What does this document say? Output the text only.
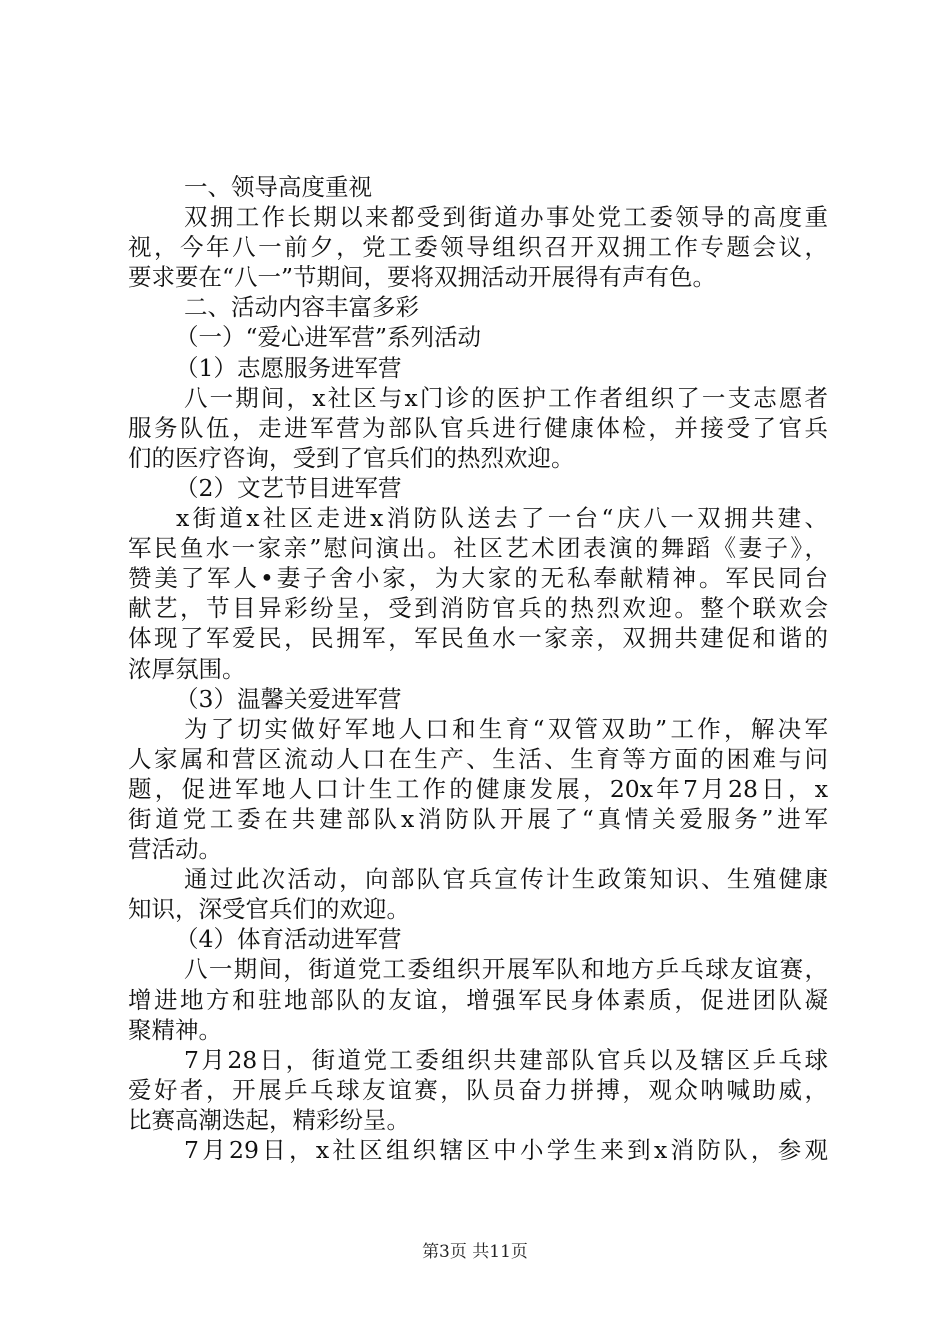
一、领导高度重视
双拥工作长期以来都受到街道办事处党工委领导的高度重
视，今年八一前夕，党工委领导组织召开双拥工作专题会议，
要求要在“八一”节期间，要将双拥活动开展得有声有色。
二、活动内容丰富多彩
（一）“爱心进军营”系列活动
（1）志愿服务进军营
八一期间，x社区与x门诊的医护工作者组织了一支志愿者
服务队伍，走进军营为部队官兵进行健康体检，并接受了官兵
们的医疗咨询，受到了官兵们的热烈欢迎。
（2）文艺节目进军营
x街道x社区走进x消防队送去了一台“庆八一双拥共建、
军民鱼水一家亲”慰问演出。社区艺术团表演的舞蹈《妻子》，
赞美了军人•妻子舍小家，为大家的无私奉献精神。军民同台
献艺，节目异彩纷呈，受到消防官兵的热烈欢迎。整个联欢会
体现了军爱民，民拥军，军民鱼水一家亲，双拥共建促和谐的
浓厚氛围。
（3）温馨关爱进军营
为了切实做好军地人口和生育“双管双助”工作，解决军
人家属和营区流动人口在生产、生活、生育等方面的困难与问
题，促进军地人口计生工作的健康发展，20x年7月28日，x
街道党工委在共建部队x消防队开展了“真情关爱服务”进军
营活动。
通过此次活动，向部队官兵宣传计生政策知识、生殖健康
知识，深受官兵们的欢迎。
（4）体育活动进军营
八一期间，街道党工委组织开展军队和地方乒乓球友谊赛，
增进地方和驻地部队的友谊，增强军民身体素质，促进团队凝
聚精神。
7月28日，街道党工委组织共建部队官兵以及辖区乒乓球
爱好者，开展乒乓球友谊赛，队员奋力拼搏，观众呐喊助威，
比赛高潮迭起，精彩纷呈。
7月29日，x社区组织辖区中小学生来到x消防队，参观
第3页 共11页
